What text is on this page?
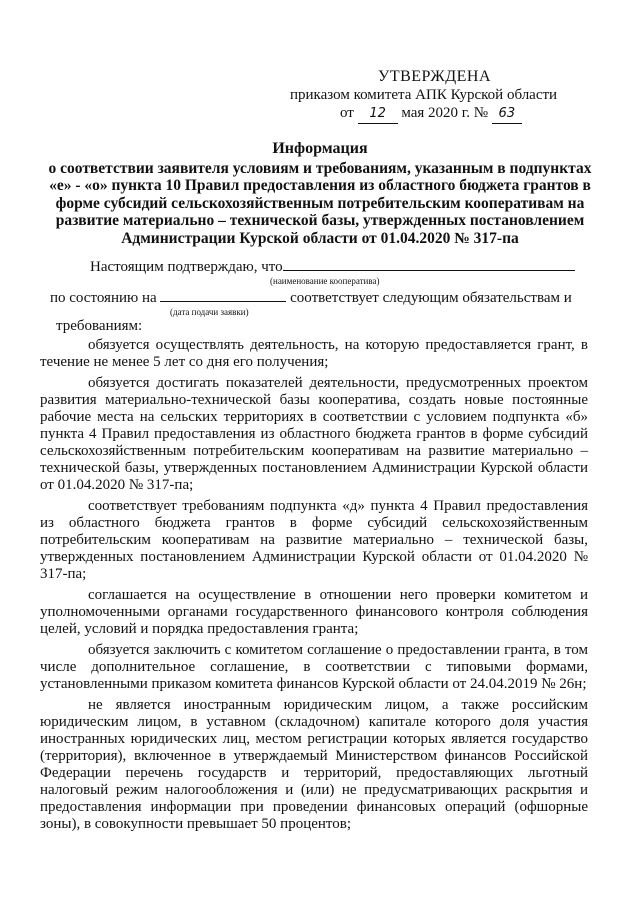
УТВЕРЖДЕНА
приказом комитета АПК Курской области
от 12 мая 2020 г. № 63
Информация
о соответствии заявителя условиям и требованиям, указанным в подпунктах «е» - «о» пункта 10 Правил предоставления из областного бюджета грантов в форме субсидий сельскохозяйственным потребительским кооперативам на развитие материально – технической базы, утвержденных постановлением Администрации Курской области от 01.04.2020 № 317-па
Настоящим подтверждаю, что
(наименование кооператива)
по состоянию на	соответствует следующим обязательствам и
(дата подачи заявки)
требованиям:

обязуется осуществлять деятельность, на которую предоставляется грант, в течение не менее 5 лет со дня его получения;

обязуется достигать показателей деятельности, предусмотренных проектом развития материально-технической базы кооператива, создать новые постоянные рабочие места на сельских территориях в соответствии с условием подпункта «б» пункта 4 Правил предоставления из областного бюджета грантов в форме субсидий сельскохозяйственным потребительским кооперативам на развитие материально – технической базы, утвержденных постановлением Администрации Курской области от 01.04.2020 № 317-па;

соответствует требованиям подпункта «д» пункта 4 Правил предоставления из областного бюджета грантов в форме субсидий сельскохозяйственным потребительским кооперативам на развитие материально – технической базы, утвержденных постановлением Администрации Курской области от 01.04.2020 № 317-па;

соглашается на осуществление в отношении него проверки комитетом и уполномоченными органами государственного финансового контроля соблюдения целей, условий и порядка предоставления гранта;

обязуется заключить с комитетом соглашение о предоставлении гранта, в том числе дополнительное соглашение, в соответствии с типовыми формами, установленными приказом комитета финансов Курской области от 24.04.2019 № 26н;

не является иностранным юридическим лицом, а также российским юридическим лицом, в уставном (складочном) капитале которого доля участия иностранных юридических лиц, местом регистрации которых является государство (территория), включенное в утверждаемый Министерством финансов Российской Федерации перечень государств и территорий, предоставляющих льготный налоговый режим налогообложения и (или) не предусматривающих раскрытия и предоставления информации при проведении финансовых операций (офшорные зоны), в совокупности превышает 50 процентов;
